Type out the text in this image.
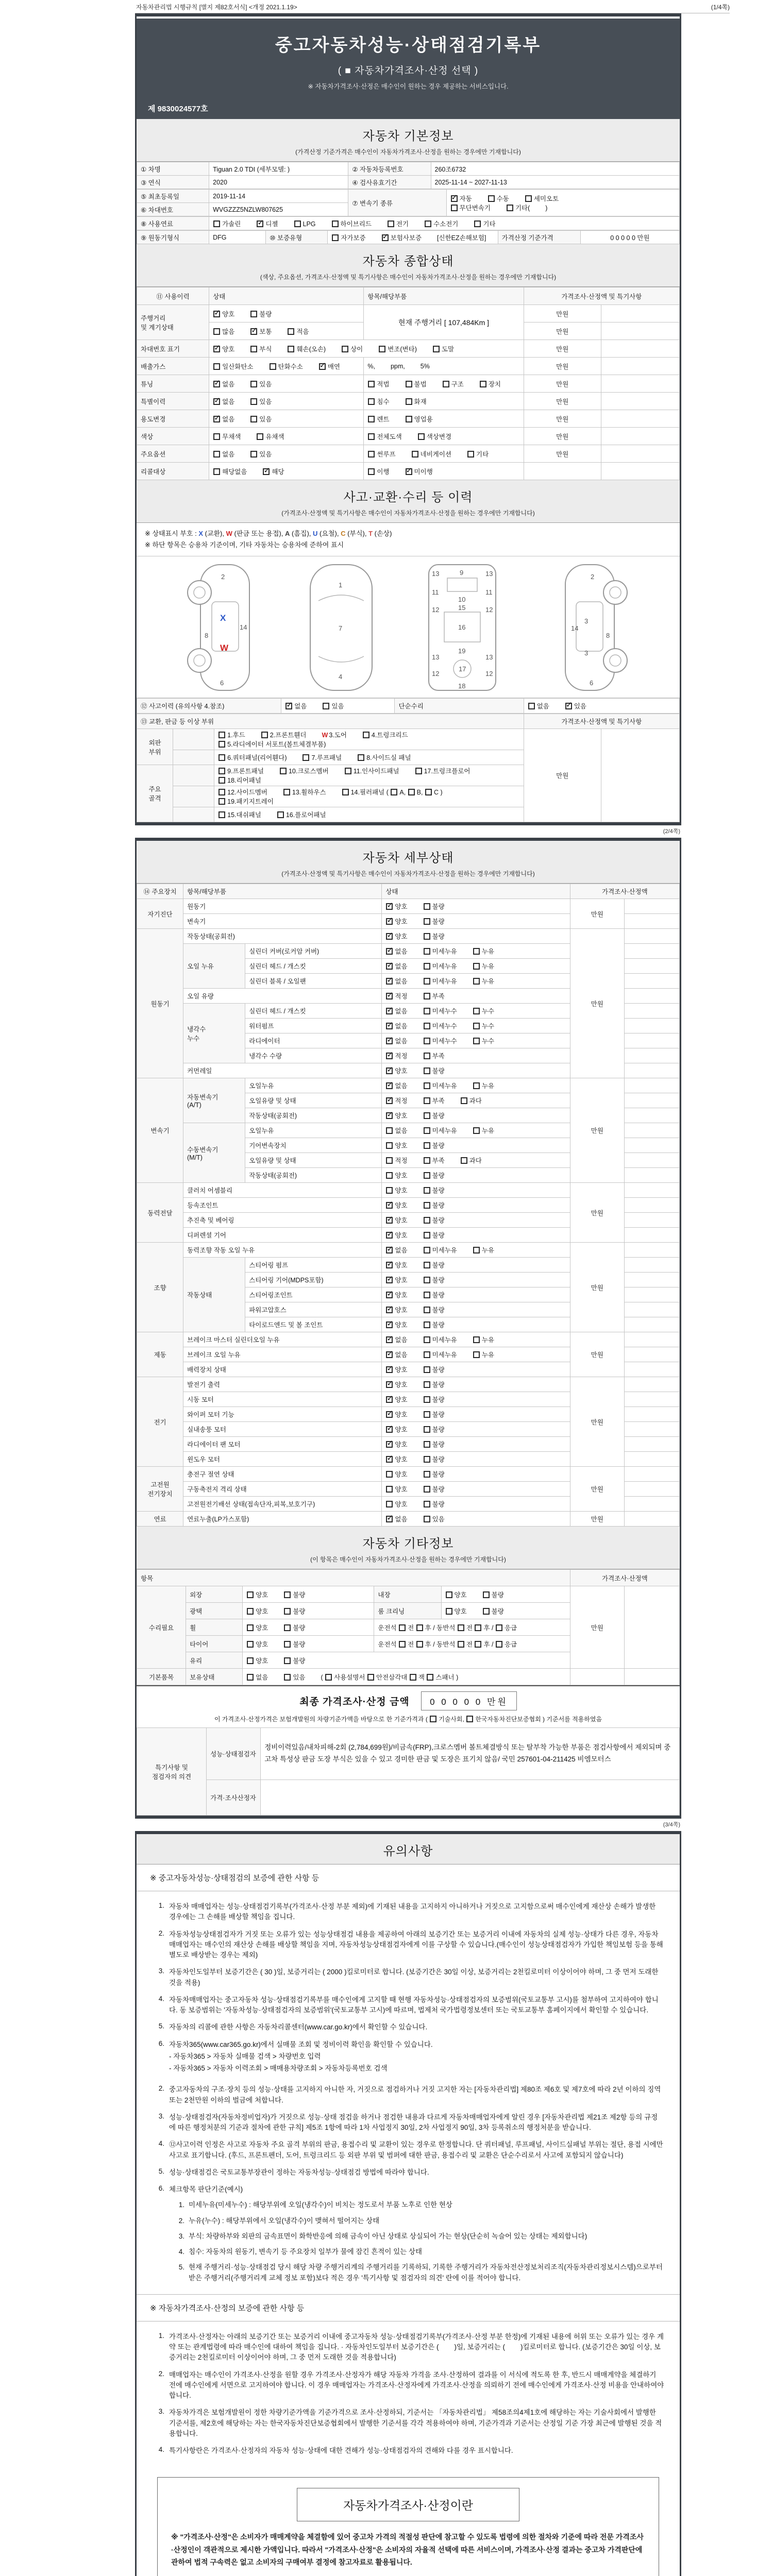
자동차관리법 시행규칙 [별지 제82호서식] <개정 2021.1.19>	(1/4쪽)
중고자동차성능·상태점검기록부
( ■ 자동차가격조사·산정 선택 )
※ 자동차가격조사·산정은 매수인이 원하는 경우 제공하는 서비스입니다.
제 9830024577호
자동차 기본정보
(가격산정 기준가격은 매수인이 자동차가격조사·산정을 원하는 경우에만 기재합니다)
① 차명	Tiguan 2.0 TDI (세부모델: )	② 자동차등록번호	260조6732
③ 연식	2020	④ 검사유효기간	2025-11-14 ~ 2027-11-13
⑤ 최초등록일	2019-11-14	⑦ 변속기 종류	✓자동 수동 세미오토
무단변속기 기타( )
⑥ 차대번호	WVGZZZ5NZLW807625		
⑧ 사용연료	가솔린 ✓	디젤	LPG	하이브리드	전기	수소전기	기타
⑨ 원동기형식	DFG	⑩ 보증유형	자가보증 ✓	보험사보증 [신한EZ손해보험]	가격산정 기준가격	0 0 0 0 0 만원
자동차 종합상태
(색상, 주요옵션, 가격조사·산정액 및 특기사항은 매수인이 자동차가격조사·산정을 원하는 경우에만 기재합니다)
⑪ 사용이력	상태	항목/해당부품	가격조사·산정액 및 특기사항	
주행거리
및 계기상태	✓양호 불량	현재 주행거리 [ 107,484Km ]	만원	
	많음 ✓ 보통 적음		만원	
차대번호 표기	✓양호 부식 훼손(오손) 상이 변조(변타) 도말		만원	
배출가스	일산화탄소 탄화수소 ✓ 매연	%, ppm, 5%	만원	
튜닝	✓없음 있음	적법 불법 구조 장치	만원	
특별이력	✓없음 있음	침수 화재	만원	
용도변경	✓없음 있음	렌트 영업용	만원	
색상	무채색 유채색	전체도색 색상변경	만원	
주요옵션	없음 있음	썬루프 네비게이션 기타	만원	
리콜대상	해당없음 ✓ 해당	이행 ✓ 미이행		
사고·교환·수리 등 이력
(가격조사·산정액 및 특기사항은 매수인이 자동차가격조사·산정을 원하는 경우에만 기재합니다)
※ 상태표시 부호 : X (교환), W (판금 또는 용접), A (흠집), U (요철), C (부식), T (손상)
※ 하단 항목은 승용차 기준이며, 기타 자동차는 승용차에 준하여 표시
2
8
14
6
1
7
4
9
10
15
16
19
17
18
13	13
11	11
12	12
13	13
12	12
2
8
3
14
3
6
X
W
⑫ 사고이력 (유의사항 4.참조)	✓없음	있음	단순수리	없음 ✓	있음
⑬ 교환, 판금 등 이상 부위			가격조사·산정액 및 특기사항	
외판
부위		1.후드 2.프론트휀더 W 3.도어 4.트렁크리드
5.라디에이터 서포트(볼트체결부품)	만원	
		6.쿼터패널(리어휀다) 7.루프패널 8.사이드실 패널		
주요
골격		9.프론트패널 10.크로스멤버 11.인사이드패널 17.트렁크플로어
18.리어패널		
		12.사이드멤버 13.휠하우스 14.필러패널 ( A, B, C )
19.패키지트레이		
		15.대쉬패널 16.플로어패널		
(2/4쪽)
자동차 세부상태
(가격조사·산정액 및 특기사항은 매수인이 자동차가격조사·산정을 원하는 경우에만 기재합니다)
⑭ 주요장치	항목/해당부품		상태	가격조사·산정액	
자기진단	원동기	✓양호 불량	만원	
	변속기	✓양호 불량	
원동기	작동상태(공회전)	✓양호 불량	만원	
	오일 누유	실린더 커버(로커암 커버)	✓없음 미세누유 누유	
		실린더 헤드 / 개스킷	✓없음 미세누유 누유	
		실린더 블록 / 오일팬	✓없음 미세누유 누유	
	오일 유량	✓적정 부족	
	냉각수
누수	실린더 헤드 / 개스킷	✓없음 미세누수 누수	
		워터펌프	✓없음 미세누수 누수	
		라디에이터	✓없음 미세누수 누수	
		냉각수 수량	✓적정 부족	
	커먼레일	✓양호 불량	
변속기	자동변속기
(A/T)	오일누유	✓없음 미세누유 누유	만원	
		오일유량 및 상태	✓적정 부족 과다	
		작동상태(공회전)	✓양호 불량	
	수동변속기
(M/T)	오일누유	없음 미세누유 누유		
		기어변속장치	양호 불량		
		오일유량 및 상태	적정 부족 과다		
		작동상태(공회전)	양호 불량		
동력전달	클러치 어셈블리		양호 불량	만원	
	등속조인트	✓양호 불량	
	추진축 및 베어링	✓양호 불량	
	디퍼렌셜 기어	✓양호 불량	
조향	동력조향 작동 오일 누유	✓없음 미세누유 누유	만원	
	작동상태	스티어링 펌프	✓양호 불량	
		스티어링 기어(MDPS포함)	✓양호 불량	
		스티어링조인트	✓양호 불량	
		파워고압호스	✓양호 불량	
		타이로드엔드 및 볼 조인트	✓양호 불량	
제동	브레이크 마스터 실린더오일 누유	✓없음 미세누유 누유	만원	
	브레이크 오일 누유	✓없음 미세누유 누유	
	배력장치 상태	✓양호 불량	
전기	발전기 출력	✓양호 불량	만원	
	시동 모터	✓양호 불량	
	와이퍼 모터 기능	✓양호 불량	
	실내송풍 모터	✓양호 불량	
	라디에이터 팬 모터	✓양호 불량	
	윈도우 모터	✓양호 불량	
고전원
전기장치	충전구 절연 상태		양호 불량	만원	
	구동축전지 격리 상태		양호 불량		
	고전원전기배선 상태(접속단자,피복,보호기구)		양호 불량		
연료	연료누출(LP가스포함)	✓없음 있음	만원	
자동차 기타정보
(이 항목은 매수인이 자동차가격조사·산정을 원하는 경우에만 기재합니다)
항목					가격조사·산정액	
수리필요	외장	양호 불량	내장	양호 불량	만원	
	광택	양호 불량	룸 크리닝	양호 불량		
	휠	양호 불량	운전석 전 후 / 동반석 전 후 / 응급			
	타이어	양호 불량	운전석 전 후 / 동반석 전 후 / 응급			
	유리	양호 불량				
기본품목	보유상태	없음 있음 ( 사용설명서 안전삼각대 잭 스패너 )				
최종 가격조사·산정 금액 0 0 0 0 0 만원
이 가격조사·산정가격은 보험개발원의 차량기준가액을 바탕으로 한 기준가격과 ( 기술사회, 한국자동차진단보증협회 ) 기준서를 적용하였음
특기사항 및
점검자의 의견	성능·상태점검자	정비이력있음/내차피해-2회 (2,784,699원)/비금속(FRP),크로스멤버 볼트체결방식 또는 탈부착 가능한 부품은 점검사항에서 제외되며 중고차 특성상 판금 도장 부식은 있을 수 있고 경미한 판금 및 도장은 표기치 않음/ 국민 257601-04-211425 비엠모터스
	가격·조사산정자	
(3/4쪽)
유의사항
※ 중고자동차성능·상태점검의 보증에 관한 사항 등
1. 자동차 매매업자는 성능·상태점검기록부(가격조사·산정 부분 제외)에 기재된 내용을 고지하지 아니하거나 거짓으로 고지함으로써 매수인에게 재산상 손해가 발생한 경우에는 그 손해를 배상할 책임을 집니다.
2. 자동차성능상태점검자가 거짓 또는 오류가 있는 성능상태점검 내용을 제공하여 아래의 보증기간 또는 보증거리 이내에 자동차의 실제 성능·상태가 다른 경우, 자동차매매업자는 매수인의 재산상 손해를 배상할 책임을 지며, 자동차성능상태점검자에게 이를 구상할 수 있습니다.(매수인이 성능상태점검자가 가입한 책임보험 등을 통해 별도로 배상받는 경우는 제외)
3. 자동차인도일부터 보증기간은 ( 30 )일, 보증거리는 ( 2000 )킬로미터로 합니다. (보증기간은 30일 이상, 보증거리는 2천킬로미터 이상이어야 하며, 그 중 먼저 도래한 것을 적용)
4. 자동차매매업자는 중고자동차 성능·상태점검기록부를 매수인에게 고지할 때 현행 자동차성능·상태점검자의 보증범위(국토교통부 고시)를 첨부하여 고지하여야 합니다. 동 보증범위는 '자동차성능·상태점검자의 보증범위'(국토교통부 고시)에 따르며, 법제처 국가법령정보센터 또는 국토교통부 홈페이지에서 확인할 수 있습니다.
5. 자동차의 리콜에 관한 사항은 자동차리콜센터(www.car.go.kr)에서 확인할 수 있습니다.
6. 자동차365(www.car365.go.kr)에서 실매물 조회 및 정비이력 확인을 확인할 수 있습니다.
- 자동차365 > 자동차 실매물 검색 > 차량번호 입력
- 자동차365 > 자동차 이력조회 > 매매용차량조회 > 자동차등록번호 검색
2. 중고자동차의 구조·장치 등의 성능·상태를 고지하지 아니한 자, 거짓으로 점검하거나 거짓 고지한 자는 [자동차관리법] 제80조 제6호 및 제7호에 따라 2년 이하의 징역 또는 2천만원 이하의 벌금에 처합니다.
3. 성능·상태점검자(자동차정비업자)가 거짓으로 성능·상태 점검을 하거나 점검한 내용과 다르게 자동차매매업자에게 알린 경우 [자동차관리법 제21조 제2항 등의 규정에 따른 행정처분의 기준과 절차에 관한 규칙] 제5조 1항에 따라 1차 사업정지 30일, 2차 사업정지 90일, 3차 등록취소의 행정처분을 받습니다.
4. ⑫사고이력 인정은 사고로 자동차 주요 골격 부위의 판금, 용접수리 및 교환이 있는 경우로 한정합니다. 단 쿼터패널, 루프패널, 사이드실패널 부위는 절단, 용접 시에만 사고로 표기합니다. (후드, 프론트펜더, 도어, 트렁크리드 등 외판 부위 및 범퍼에 대한 판금, 용접수리 및 교환은 단순수리로서 사고에 포함되지 않습니다)
5. 성능·상태점검은 국토교통부장관이 정하는 자동차성능·상태점검 방법에 따라야 합니다.
6. 체크항목 판단기준(예시)
1. 미세누유(미세누수) : 해당부위에 오일(냉각수)이 비치는 정도로서 부품 노후로 인한 현상
2. 누유(누수) : 해당부위에서 오일(냉각수)이 맺혀서 떨어지는 상태
3. 부식: 차량하부와 외판의 금속표면이 화학반응에 의해 금속이 아닌 상태로 상실되어 가는 현상(단순히 녹슬어 있는 상태는 제외합니다)
4. 침수: 자동차의 원동기, 변속기 등 주요장치 일부가 물에 잠긴 흔적이 있는 상태
5. 현재 주행거리·성능·상태점검 당시 해당 차량 주행거리계의 주행거리를 기록하되, 기록한 주행거리가 자동차전산정보처리조직(자동차관리정보시스템)으로부터 받은 주행거리(주행거리계 교체 정보 포함)보다 적은 경우 '특기사항 및 점검자의 의견' 란에 이를 적어야 합니다.
※ 자동차가격조사·산정의 보증에 관한 사항 등
1. 가격조사·산정자는 아래의 보증기간 또는 보증거리 이내에 중고자동차 성능·상태점검기록부(가격조사·산정 부분 한정)에 기재된 내용에 허위 또는 오류가 있는 경우 계약 또는 관계법령에 따라 매수인에 대하여 책임을 집니다. · 자동차인도일부터 보증기간은 ( )일, 보증거리는 ( )킬로미터로 합니다. (보증기간은 30일 이상, 보증거리는 2천킬로미터 이상이어야 하며, 그 중 먼저 도래한 것을 적용합니다)
2. 매매업자는 매수인이 가격조사·산정을 원할 경우 가격조사·산정자가 해당 자동차 가격을 조사·산정하여 결과를 이 서식에 적도록 한 후, 반드시 매매계약을 체결하기 전에 매수인에게 서면으로 고지하여야 합니다. 이 경우 매매업자는 가격조사·산정자에게 가격조사·산정을 의뢰하기 전에 매수인에게 가격조사·산정 비용을 안내하여야 합니다.
3. 자동차가격은 보험개발원이 정한 차량기준가액을 기준가격으로 조사·산정하되, 기준서는 「자동차관리법」 제58조의4제1호에 해당하는 자는 기술사회에서 발행한 기준서를, 제2호에 해당하는 자는 한국자동차진단보증협회에서 발행한 기준서를 각각 적용하여야 하며, 기준가격과 기준서는 산정일 기준 가장 최근에 발행된 것을 적용합니다.
4. 특기사항란은 가격조사·산정자의 자동차 성능·상태에 대한 견해가 성능·상태점검자의 견해와 다를 경우 표시합니다.
자동차가격조사·산정이란
※ "가격조사·산정"은 소비자가 매매계약을 체결함에 있어 중고차 가격의 적절성 판단에 참고할 수 있도록 법령에 의한 절차와 기준에 따라 전문 가격조사·산정인이 객관적으로 제시한 가액입니다. 따라서 "가격조사·산정"은 소비자의 자율적 선택에 따른 서비스이며, 가격조사·산정 결과는 중고차 가격판단에 관하여 법적 구속력은 없고 소비자의 구매여부 결정에 참고자료로 활용됩니다.
